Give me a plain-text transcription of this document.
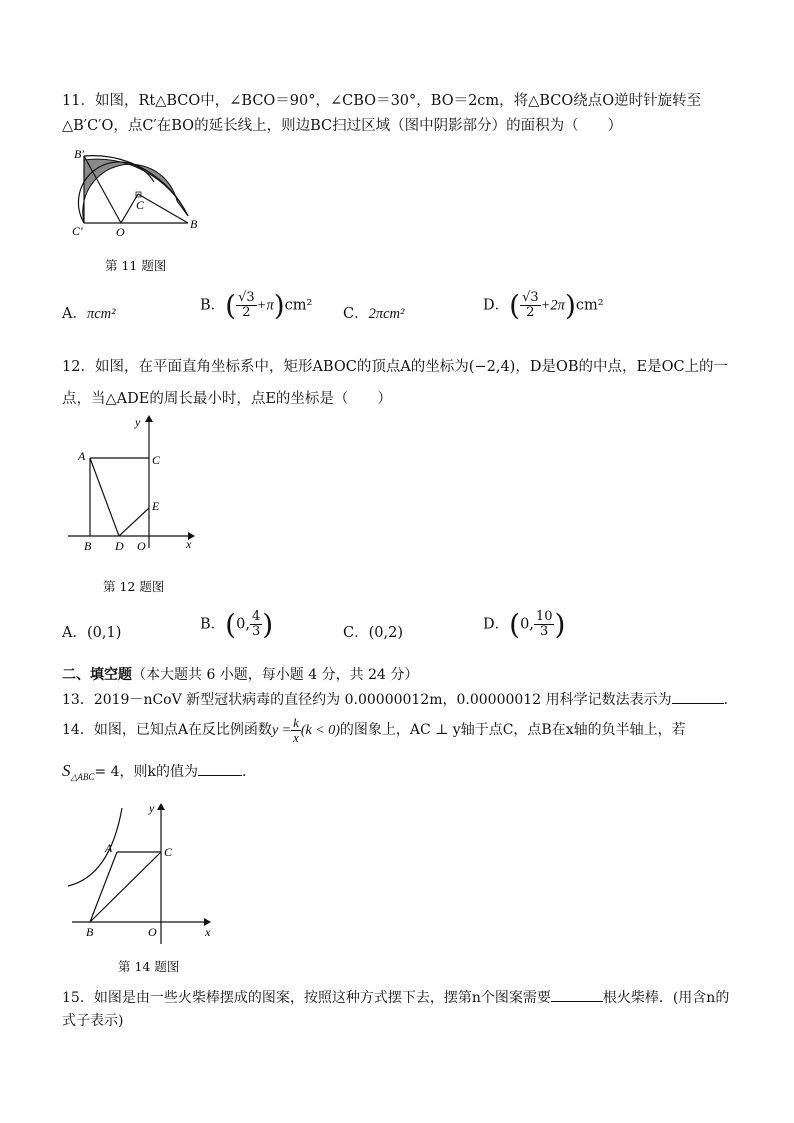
11．如图，Rt△BCO中，∠BCO＝90°，∠CBO＝30°，BO＝2cm，将△BCO绕点O逆时针旋转至
△B′C′O，点C′在BO的延长线上，则边BC扫过区域（图中阴影部分）的面积为（　　）
B′
C′	O
C
B
第 11 题图
A．πcm²
B．( $\frac{√3}{2} +\pi)cm^2$
C．2πcm²
D．( $\frac{√3}{2} +2\pi)cm^2$
12．如图，在平面直角坐标系中，矩形ABOC的顶点A的坐标为(−2,4)，D是OB的中点，E是OC上的一
点，当△ADE的周长最小时，点E的坐标是（　　）
y
x
A	C
E
B D O
第 12 题图
A．(0,1)
B．(0, $\frac{4}{3}$ )	C．(0,2)
D．(0, $\frac{10}{3}$ )
二、填空题（本大题共 6 小题，每小题 4 分，共 24 分）
13．2019－nCoV 新型冠状病毒的直径约为 0.00000012m，0.00000012 用科学记数法表示为	．
14．如图，已知点A在反比例函数$y = \frac{k}{x} (k < 0)$的图象上，AC ⊥ y轴于点C，点B在x轴的负半轴上，若
$S_{\triangle ABC}= 4$，则k的值为	．
y
x
A	C
B	O
第 14 题图
15．如图是由一些火柴棒摆成的图案，按照这种方式摆下去，摆第n个图案需要	根火柴棒．(用含n的
式子表示)
